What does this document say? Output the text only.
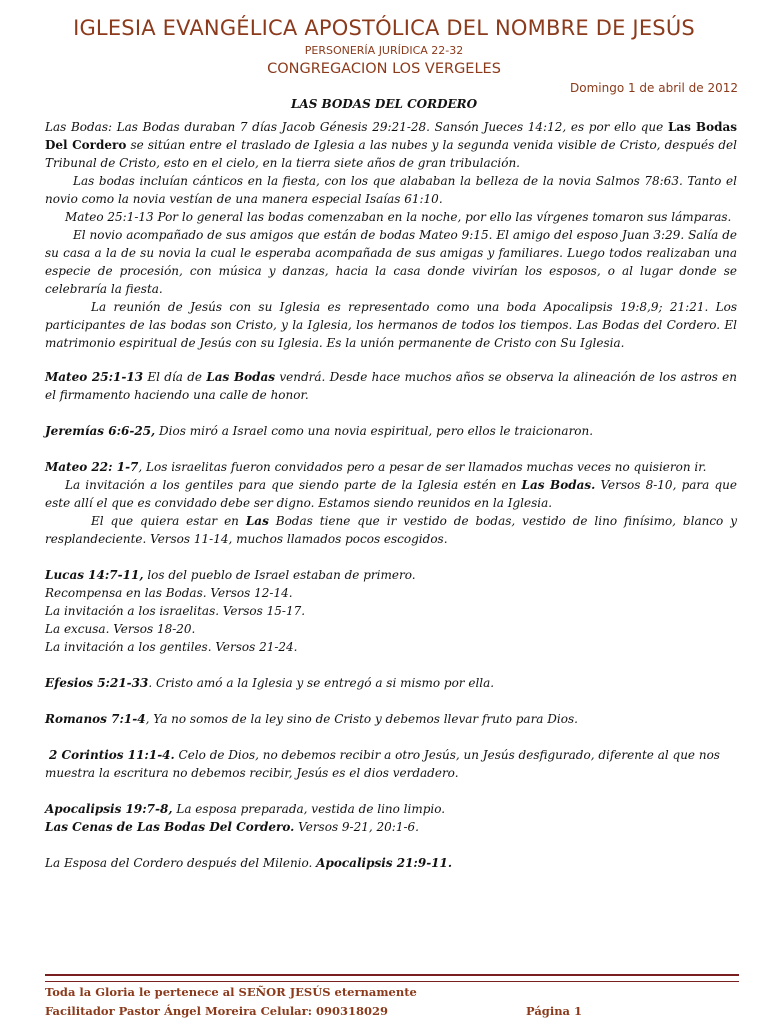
IGLESIA EVANGÉLICA APOSTÓLICA DEL NOMBRE DE JESÚS
PERSONERÍA JURÍDICA 22-32
CONGREGACION LOS VERGELES
Domingo 1 de abril de 2012
LAS BODAS DEL CORDERO

Las Bodas: Las Bodas duraban 7 días Jacob Génesis 29:21-28. Sansón Jueces 14:12, es por ello que Las Bodas Del Cordero se sitúan entre el traslado de Iglesia a las nubes y la segunda venida visible de Cristo, después del Tribunal de Cristo, esto en el cielo, en la tierra siete años de gran tribulación.

Las bodas incluían cánticos en la fiesta, con los que alababan la belleza de la novia Salmos 78:63. Tanto el novio como la novia vestían de una manera especial Isaías 61:10.

Mateo 25:1-13 Por lo general las bodas comenzaban en la noche, por ello las vírgenes tomaron sus lámparas.

El novio acompañado de sus amigos que están de bodas Mateo 9:15. El amigo del esposo Juan 3:29. Salía de su casa a la de su novia la cual le esperaba acompañada de sus amigas y familiares. Luego todos realizaban una especie de procesión, con música y danzas, hacia la casa donde vivirían los esposos, o al lugar donde se celebraría la fiesta.

La reunión de Jesús con su Iglesia es representado como una boda Apocalipsis 19:8,9; 21:21. Los participantes de las bodas son Cristo, y la Iglesia, los hermanos de todos los tiempos. Las Bodas del Cordero. El matrimonio espiritual de Jesús con su Iglesia. Es la unión permanente de Cristo con Su Iglesia.

Mateo 25:1-13 El día de Las Bodas vendrá. Desde hace muchos años se observa la alineación de los astros en el firmamento haciendo una calle de honor.

Jeremías 6:6-25, Dios miró a Israel como una novia espiritual, pero ellos le traicionaron.

Mateo 22: 1-7, Los israelitas fueron convidados pero a pesar de ser llamados muchas veces no quisieron ir.

La invitación a los gentiles para que siendo parte de la Iglesia estén en Las Bodas. Versos 8-10, para que este allí el que es convidado debe ser digno. Estamos siendo reunidos en la Iglesia.

El que quiera estar en Las Bodas tiene que ir vestido de bodas, vestido de lino finísimo, blanco y resplandeciente. Versos 11-14, muchos llamados pocos escogidos.

Lucas 14:7-11, los del pueblo de Israel estaban de primero.

Recompensa en las Bodas. Versos 12-14.

La invitación a los israelitas. Versos 15-17.

La excusa. Versos 18-20.

La invitación a los gentiles. Versos 21-24.

Efesios 5:21-33. Cristo amó a la Iglesia y se entregó a si mismo por ella.

Romanos 7:1-4, Ya no somos de la ley sino de Cristo y debemos llevar fruto para Dios.

2 Corintios 11:1-4. Celo de Dios, no debemos recibir a otro Jesús, un Jesús desfigurado, diferente al que nos muestra la escritura no debemos recibir, Jesús es el dios verdadero.

Apocalipsis 19:7-8, La esposa preparada, vestida de lino limpio.

Las Cenas de Las Bodas Del Cordero. Versos 9-21, 20:1-6.

La Esposa del Cordero después del Milenio. Apocalipsis 21:9-11.

Toda la Gloria le pertenece al SEÑOR JESÚS eternamente
Facilitador Pastor Ángel Moreira Celular: 090318029	Página 1
